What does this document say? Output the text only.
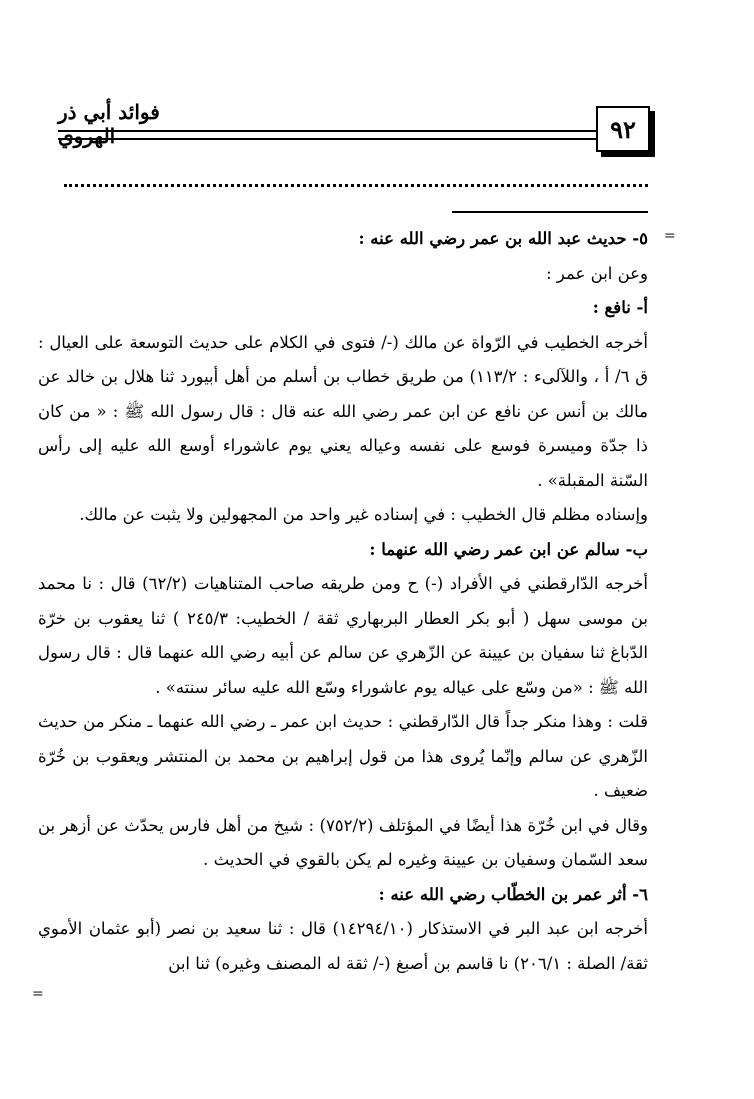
فوائد أبي ذر الهروي	٩٢
=
=

٥- حديث عبد الله بن عمر رضي الله عنه :

وعن ابن عمر :

أ- نافع :

أخرجه الخطيب في الرّواة عن مالك (-/ فتوى في الكلام على حديث التوسعة على العيال : ق ٦/ أ ، واللآلىء : ١١٣/٢) من طريق خطاب بن أسلم من أهل أبيورد ثنا هلال بن خالد عن مالك بن أنس عن نافع عن ابن عمر رضي الله عنه قال : قال رسول الله ﷺ : « من كان ذا جدّة وميسرة فوسع على نفسه وعياله يعني يوم عاشوراء أوسع الله عليه إلى رأس السّنة المقبلة» .

وإسناده مظلم قال الخطيب : في إسناده غير واحد من المجهولين ولا يثبت عن مالك.

ب- سالم عن ابن عمر رضي الله عنهما :

أخرجه الدّارقطني في الأفراد (-) ح ومن طريقه صاحب المتناهيات (٦٢/٢) قال : نا محمد بن موسى سهل ( أبو بكر العطار البربهاري ثقة / الخطيب: ٢٤٥/٣ ) ثنا يعقوب بن خرّة الدّباغ ثنا سفيان بن عيينة عن الزّهري عن سالم عن أبيه رضي الله عنهما قال : قال رسول الله ﷺ : «من وسّع على عياله يوم عاشوراء وسّع الله عليه سائر سنته» .

قلت : وهذا منكر جداً قال الدّارقطني : حديث ابن عمر ـ رضي الله عنهما ـ منكر من حديث الزّهري عن سالم وإنّما يُروى هذا من قول إبراهيم بن محمد بن المنتشر ويعقوب بن خُرّة ضعيف .

وقال في ابن خُرّة هذا أيضًا في المؤتلف (٧٥٢/٢) : شيخ من أهل فارس يحدّث عن أزهر بن سعد السّمان وسفيان بن عيينة وغيره لم يكن بالقوي في الحديث .

٦- أثر عمر بن الخطّاب رضي الله عنه :

أخرجه ابن عبد البر في الاستذكار (١٤٢٩٤/١٠) قال : ثنا سعيد بن نصر (أبو عثمان الأموي ثقة/ الصلة : ٢٠٦/١) نا قاسم بن أصبغ (-/ ثقة له المصنف وغيره) ثنا ابن
